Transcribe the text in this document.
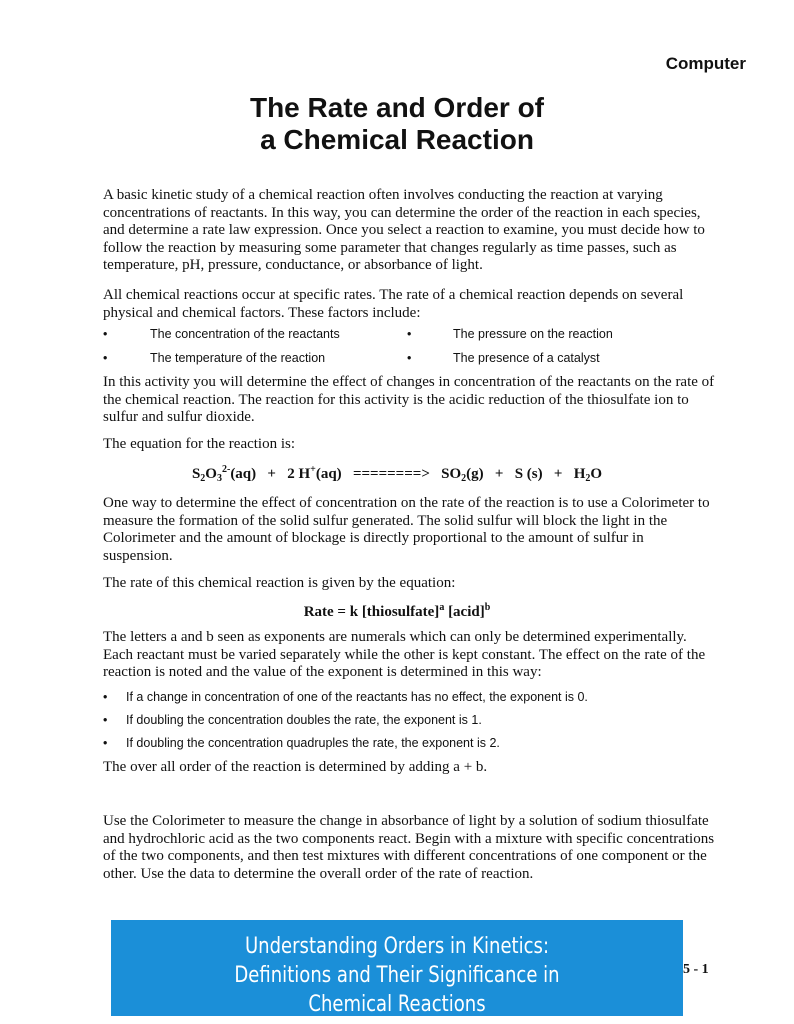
Computer
The Rate and Order of
a Chemical Reaction

A basic kinetic study of a chemical reaction often involves conducting the reaction at varying concentrations of reactants. In this way, you can determine the order of the reaction in each species, and determine a rate law expression. Once you select a reaction to examine, you must decide how to follow the reaction by measuring some parameter that changes regularly as time passes, such as temperature, pH, pressure, conductance, or absorbance of light.

All chemical reactions occur at specific rates. The rate of a chemical reaction depends on several physical and chemical factors. These factors include:

•	The concentration of the reactants	•	The pressure on the reaction
•	The temperature of the reaction	•	The presence of a catalyst

In this activity you will determine the effect of changes in concentration of the reactants on the rate of the chemical reaction. The reaction for this activity is the acidic reduction of the thiosulfate ion to sulfur and sulfur dioxide.

The equation for the reaction is:

$S_2O_3^{2-}(aq) + 2$ H+(aq) ========> $SO_2(g) + S$ $(s) + H_2O$

One way to determine the effect of concentration on the rate of the reaction is to use a Colorimeter to measure the formation of the solid sulfur generated. The solid sulfur will block the light in the Colorimeter and the amount of blockage is directly proportional to the amount of sulfur in suspension.

The rate of this chemical reaction is given by the equation:

Rate = k [thiosulfate]$^a$ [acid]$^b$

The letters a and b seen as exponents are numerals which can only be determined experimentally. Each reactant must be varied separately while the other is kept constant. The effect on the rate of the reaction is noted and the value of the exponent is determined in this way:

• If a change in concentration of one of the reactants has no effect, the exponent is 0.
• If doubling the concentration doubles the rate, the exponent is 1.
• If doubling the concentration quadruples the rate, the exponent is 2.

The over all order of the reaction is determined by adding a + b.

Use the Colorimeter to measure the change in absorbance of light by a solution of sodium thiosulfate and hydrochloric acid as the two components react. Begin with a mixture with specific concentrations of the two components, and then test mixtures with different concentrations of one component or the other. Use the data to determine the overall order of the rate of reaction.

5 - 1
Understanding Orders in Kinetics:
Definitions and Their Significance in
Chemical Reactions
